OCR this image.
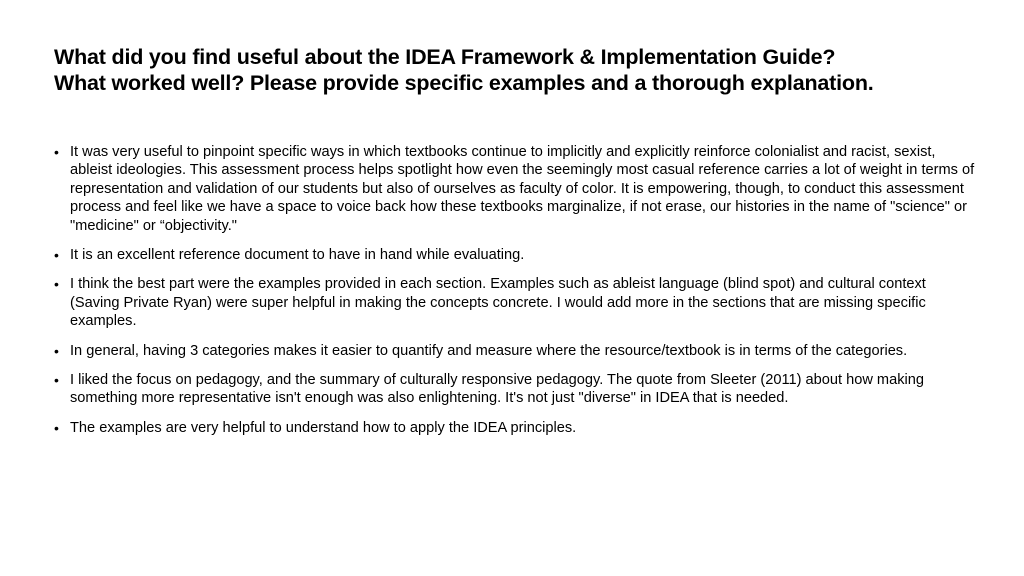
What did you find useful about the IDEA Framework & Implementation Guide?
What worked well? Please provide specific examples and a thorough explanation.
• It was very useful to pinpoint specific ways in which textbooks continue to implicitly and explicitly reinforce colonialist and racist, sexist, ableist ideologies. This assessment process helps spotlight how even the seemingly most casual reference carries a lot of weight in terms of representation and validation of our students but also of ourselves as faculty of color. It is empowering, though, to conduct this assessment process and feel like we have a space to voice back how these textbooks marginalize, if not erase, our histories in the name of "science" or "medicine" or “objectivity."
• It is an excellent reference document to have in hand while evaluating.
• I think the best part were the examples provided in each section. Examples such as ableist language (blind spot) and cultural context (Saving Private Ryan) were super helpful in making the concepts concrete. I would add more in the sections that are missing specific examples.
• In general, having 3 categories makes it easier to quantify and measure where the resource/textbook is in terms of the categories.
• I liked the focus on pedagogy, and the summary of culturally responsive pedagogy. The quote from Sleeter (2011) about how making something more representative isn't enough was also enlightening. It's not just "diverse" in IDEA that is needed.
• The examples are very helpful to understand how to apply the IDEA principles.
